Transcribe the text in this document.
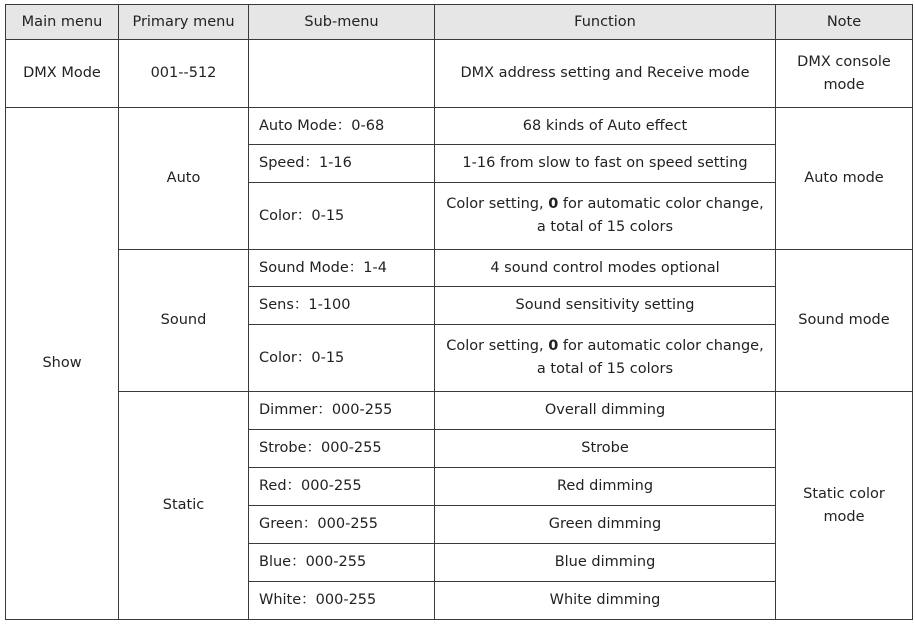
Main menu	Primary menu	Sub-menu	Function	Note
DMX Mode	001--512		DMX address setting and Receive mode	DMX console mode
Show	Auto	Auto Mode：0-68	68 kinds of Auto effect	Auto mode
		Speed：1-16	1-16 from slow to fast on speed setting	
		Color：0-15	Color setting, 0 for automatic color change, a total of 15 colors	
	Sound	Sound Mode：1-4	4 sound control modes optional	Sound mode
		Sens：1-100	Sound sensitivity setting	
		Color：0-15	Color setting, 0 for automatic color change, a total of 15 colors	
	Static	Dimmer：000-255	Overall dimming	Static color mode
		Strobe：000-255	Strobe	
		Red：000-255	Red dimming	
		Green：000-255	Green dimming	
		Blue：000-255	Blue dimming	
		White：000-255	White dimming	
